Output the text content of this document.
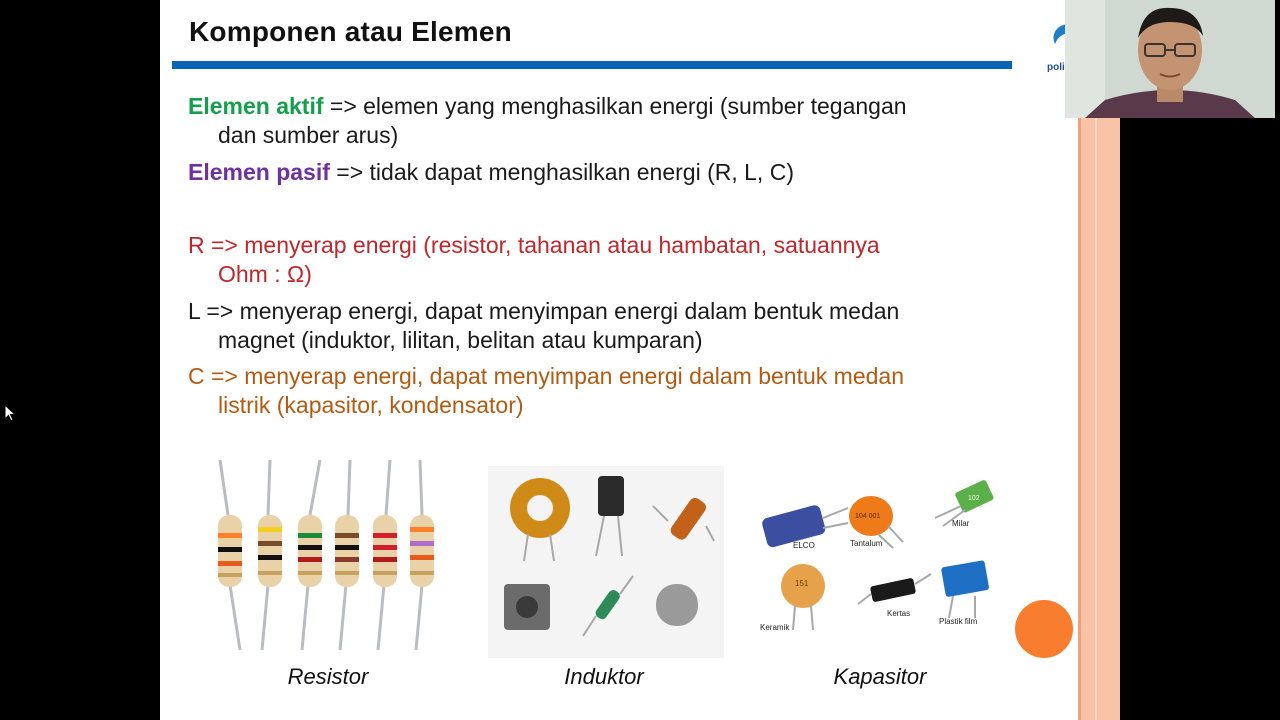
Komponen atau Elemen
poli
Elemen aktif => elemen yang menghasilkan energi (sumber tegangan
dan sumber arus)
Elemen pasif => tidak dapat menghasilkan energi (R, L, C)
R => menyerap energi (resistor, tahanan atau hambatan, satuannya
Ohm : Ω)
L => menyerap energi, dapat menyimpan energi dalam bentuk medan
magnet (induktor, lilitan, belitan atau kumparan)
C => menyerap energi, dapat menyimpan energi dalam bentuk medan
listrik (kapasitor, kondensator)
ELCO
104 001
Tantalum
102
Milar
151
Keramik
Kertas
Plastik film
Resistor	Induktor	Kapasitor
